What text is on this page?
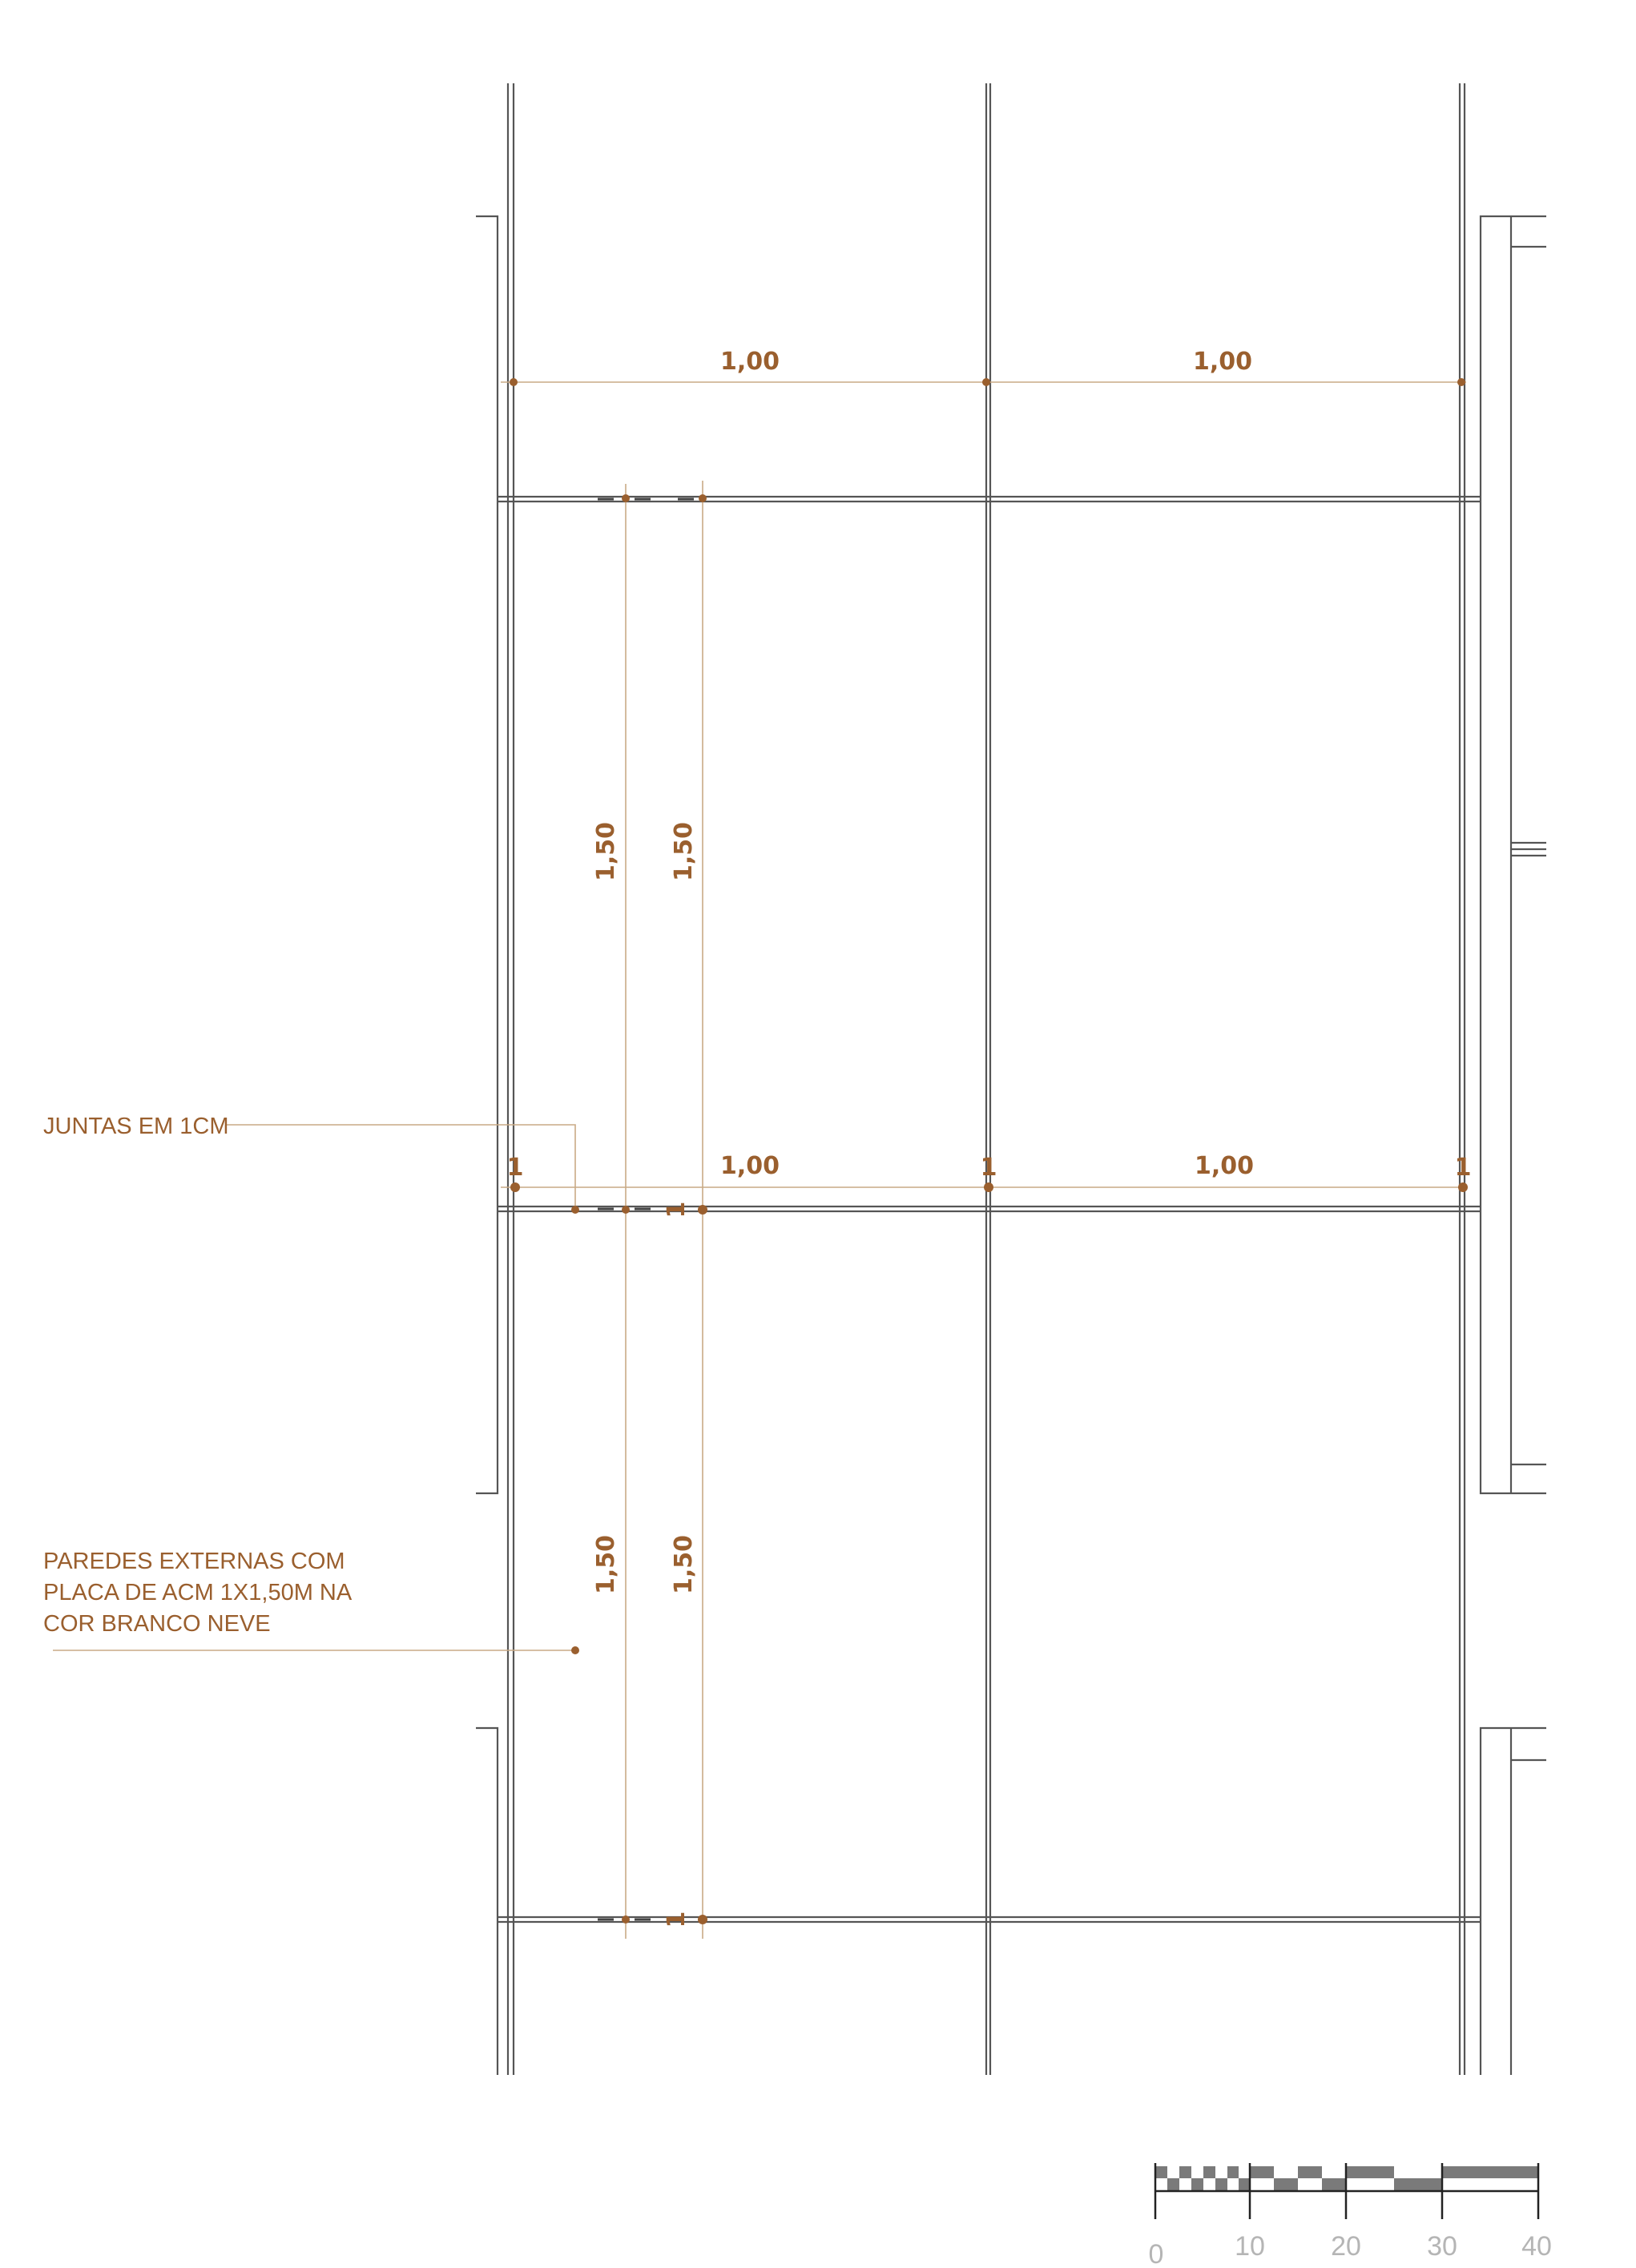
1,00	1,00
1,00	1,00
1,50 1,50
1,50 1,50
1	1	1
1
1
JUNTAS EM 1CM
PAREDES EXTERNAS COM
PLACA DE ACM 1X1,50M NA
COR BRANCO NEVE
0	10 20 30 40
